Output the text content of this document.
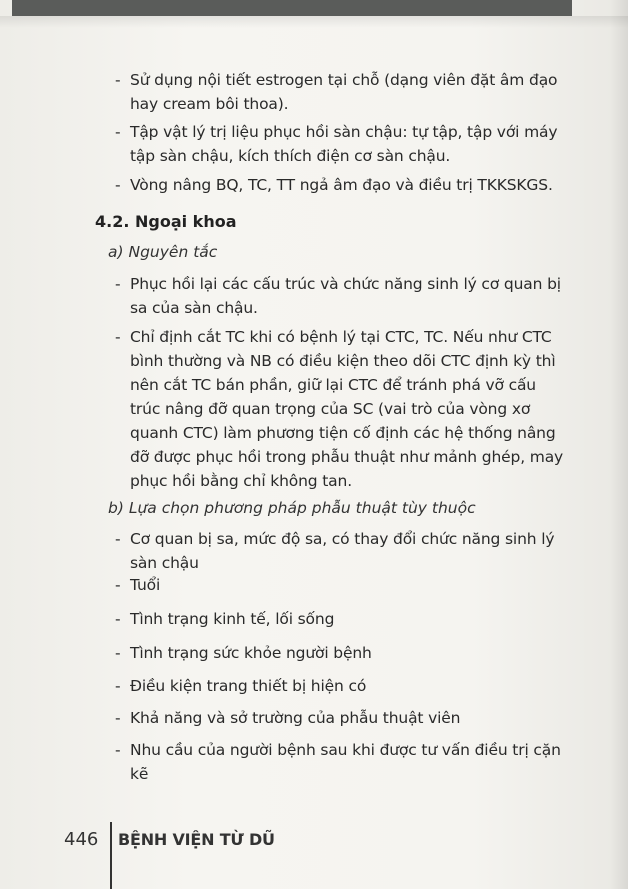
- Sử dụng nội tiết estrogen tại chỗ (dạng viên đặt âm đạo hay cream bôi thoa).
- Tập vật lý trị liệu phục hồi sàn chậu: tự tập, tập với máy tập sàn chậu, kích thích điện cơ sàn chậu.
- Vòng nâng BQ, TC, TT ngả âm đạo và điều trị TKKSKGS.
4.2. Ngoại khoa
a) Nguyên tắc
- Phục hồi lại các cấu trúc và chức năng sinh lý cơ quan bị sa của sàn chậu.
- Chỉ định cắt TC khi có bệnh lý tại CTC, TC. Nếu như CTC bình thường và NB có điều kiện theo dõi CTC định kỳ thì nên cắt TC bán phần, giữ lại CTC để tránh phá vỡ cấu trúc nâng đỡ quan trọng của SC (vai trò của vòng xơ quanh CTC) làm phương tiện cố định các hệ thống nâng đỡ được phục hồi trong phẫu thuật như mảnh ghép, may phục hồi bằng chỉ không tan.
b) Lựa chọn phương pháp phẫu thuật tùy thuộc
- Cơ quan bị sa, mức độ sa, có thay đổi chức năng sinh lý sàn chậu
- Tuổi
- Tình trạng kinh tế, lối sống
- Tình trạng sức khỏe người bệnh
- Điều kiện trang thiết bị hiện có
- Khả năng và sở trường của phẫu thuật viên
- Nhu cầu của người bệnh sau khi được tư vấn điều trị cặn kẽ
446 BỆNH VIỆN TỪ DŨ
